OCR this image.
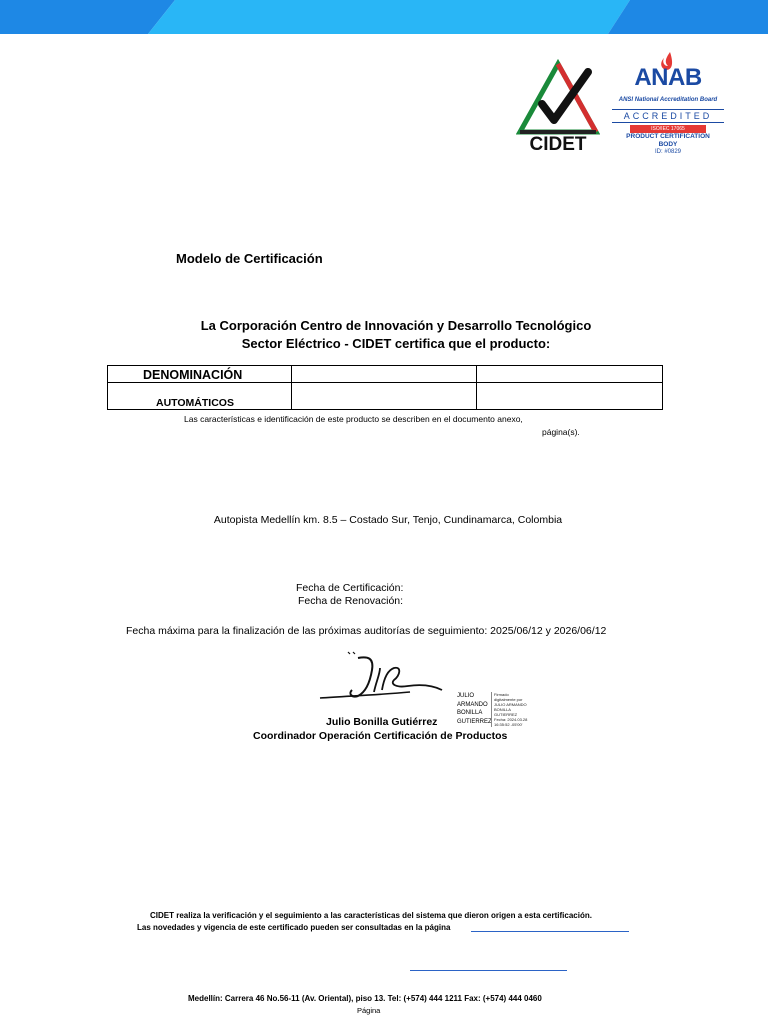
CIDET
ANAB
ANSI National Accreditation Board
ACCREDITED
ISO/IEC 17065
PRODUCT CERTIFICATION
BODY
ID: #0829
Modelo de Certificación
La Corporación Centro de Innovación y Desarrollo Tecnológico
Sector Eléctrico - CIDET certifica que el producto:
DENOMINACIÓN		
AUTOMÁTICOS		
Las características e identificación de este producto se describen en el documento anexo,
página(s).
Autopista Medellín km. 8.5 – Costado Sur, Tenjo, Cundinamarca, Colombia
Fecha de Certificación:
Fecha de Renovación:
Fecha máxima para la finalización de las próximas auditorías de seguimiento: 2025/06/12 y 2026/06/12
JULIO
ARMANDO
BONILLA
GUTIERREZ
Firmado
digitalmente por
JULIO ARMANDO
BONILLA
GUTIERREZ
Fecha: 2024.03.28
16:35:52 -05'00'
Julio Bonilla Gutiérrez
Coordinador Operación Certificación de Productos
CIDET realiza la verificación y el seguimiento a las características del sistema que dieron origen a esta certificación.
Las novedades y vigencia de este certificado pueden ser consultadas en la página
Medellín: Carrera 46 No.56-11 (Av. Oriental), piso 13. Tel: (+574) 444 1211 Fax: (+574) 444 0460
Página
